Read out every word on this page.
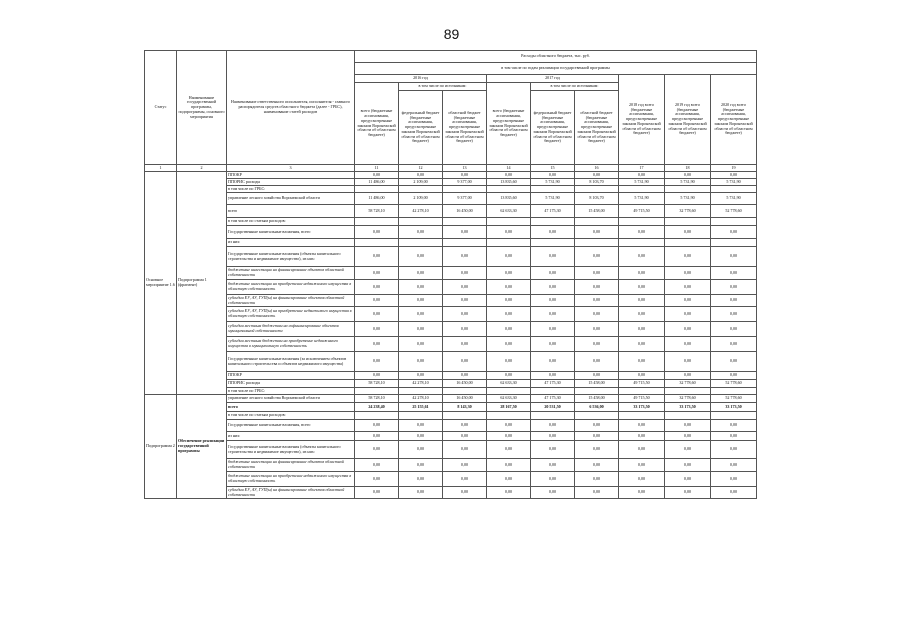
89
Статус	Наименование государственной программы, подпрограммы, основного мероприятия	Наименование ответственного исполнителя, исполнителя - главного распорядителя средств областного бюджета (далее - ГРБС), наименование статей расходов	Расходы областного бюджета, тыс. руб.								
			в том числе по годам реализации государственной программы								
			2016 год			2017 год			2018 год всего (бюджетные ассигнования, предусмотренные законом Воронежской области об областном бюджете)	2019 год всего (бюджетные ассигнования, предусмотренные законом Воронежской области об областном бюджете)	2020 год всего (бюджетные ассигнования, предусмотренные законом Воронежской области об областном бюджете)
			всего (бюджетные ассигнования, предусмотренные законом Воронежской области об областном бюджете)	в том числе по источникам:		всего (бюджетные ассигнования, предусмотренные законом Воронежской области об областном бюджете)	в том числе по источникам:				
				федеральный бюджет (бюджетные ассигнования, предусмотренные законом Воронежской области об областном бюджете)	областной бюджет (бюджетные ассигнования, предусмотренные законом Воронежской области об областном бюджете)		федеральный бюджет (бюджетные ассигнования, предусмотренные законом Воронежской области об областном бюджете)	областной бюджет (бюджетные ассигнования, предусмотренные законом Воронежской области об областном бюджете)			
1	2	3	11	12	13	14	15	16	17	18	19
Основное мероприятие 1.6	Подпрограмма 1 (фрагмент)	ППОКР	0,00	0,00	0,00	0,00	0,00	0,00	0,00	0,00	0,00
		ППОРИС расходы	11 486,00	2 109,00	9 377,00	13 835,60	5 731,90	8 103,70	5 731,90	5 731,90	5 731,90
		в том числе по ГРБС:									
		управление лесного хозяйства Воронежской области	11 486,00	2 109,00	9 377,00	13 835,60	5 731,90	8 103,70	5 731,90	5 731,90	5 731,90
		всего	58 728,10	42 278,10	16 450,00	62 633,30	47 175,30	15 458,00	49 715,50	32 778,60	52 778,60
		в том числе по статьям расходов:									
		Государственные капитальные вложения, всего	0,00	0,00	0,00	0,00	0,00	0,00	0,00	0,00	0,00
		из них:									
		Государственные капитальные вложения (объекты капитального строительства и недвижимое имущество), из них:	0,00	0,00	0,00	0,00	0,00	0,00	0,00	0,00	0,00
		бюджетные инвестиции на финансирование объектов областной собственности	0,00	0,00	0,00	0,00	0,00	0,00	0,00	0,00	0,00
		бюджетные инвестиции на приобретение недвижимого имущества в областную собственность	0,00	0,00	0,00	0,00	0,00	0,00	0,00	0,00	0,00
		субсидии ЕУ, АУ, ГУП(ы) на финансирование объектов областной собственности	0,00	0,00	0,00	0,00	0,00	0,00	0,00	0,00	0,00
		субсидии ЕУ, АУ, ГУП(ы) на приобретение недвижимого имущества в областную собственность	0,00	0,00	0,00	0,00	0,00	0,00	0,00	0,00	0,00
		субсидии местным бюджетам на софинансирование объектов муниципальной собственности	0,00	0,00	0,00	0,00	0,00	0,00	0,00	0,00	0,00
		субсидии местным бюджетам на приобретение недвижимого имущества в муниципальную собственность	0,00	0,00	0,00	0,00	0,00	0,00	0,00	0,00	0,00
		Государственные капитальные вложения (за исключением объектов капитального строительства и объектов недвижимого имущества)	0,00	0,00	0,00	0,00	0,00	0,00	0,00	0,00	0,00
		ППОКР	0,00	0,00	0,00	0,00	0,00	0,00	0,00	0,00	0,00
		ППОРИС расходы	58 728,10	42 278,10	16 450,00	62 633,30	47 175,30	15 458,00	49 715,50	32 778,60	52 778,60
		в том числе по ГРБС:									
Подпрограмма 2	Обеспечение реализации государственной программы	управление лесного хозяйства Воронежской области	58 728,10	42 278,10	16 450,00	62 633,30	47 175,30	15 458,00	49 715,50	32 778,60	52 778,60
		всего	24 238,40	25 155,61	8 143,30	28 167,50	20 531,50	6 536,00	33 173,50	33 173,50	33 173,50
		в том числе по статьям расходов:									
		Государственные капитальные вложения, всего	0,00	0,00	0,00	0,00	0,00	0,00	0,00	0,00	0,00
		из них:	0,00	0,00	0,00	0,00	0,00	0,00	0,00	0,00	0,00
		Государственные капитальные вложения (объекты капитального строительства и недвижимое имущество), из них:	0,00	0,00	0,00	0,00	0,00	0,00	0,00	0,00	0,00
		бюджетные инвестиции на финансирование объектов областной собственности	0,00	0,00	0,00	0,00	0,00	0,00	0,00	0,00	0,00
		бюджетные инвестиции на приобретение недвижимого имущества в областную собственность	0,00	0,00	0,00	0,00	0,00	0,00	0,00	0,00	0,00
		субсидии ЕУ, АУ, ГУП(ы) на финансирование объектов областной собственности	0,00	0,00	0,00	0,00	0,00	0,00	0,00	0,00	0,00
